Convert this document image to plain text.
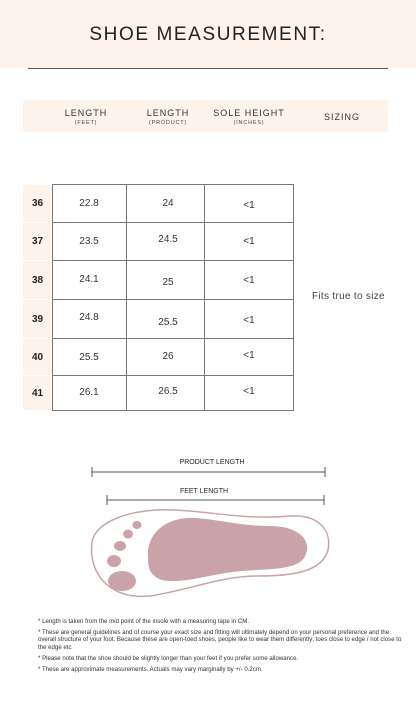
SHOE MEASUREMENT:
LENGTH
(FEET)
LENGTH
(PRODUCT)
SOLE HEIGHT
(INCHES)
SIZING
36
37
38
39
40
41
22.8
23.5
24.1
24.8
25.5
26.1
24
24.5
25
25.5
26
26.5
<1
<1
<1
<1
<1
<1
Fits true to size
PRODUCT LENGTH
FEET LENGTH

* Length is taken from the mid point of the insole with a measuring tape in CM.

* These are general guidelines and of course your exact size and fitting will ultimately depend on your personal preference and the overall structure of your foot. Because these are open-toed shoes, people like to wear them differently; toes close to edge / not close to the edge etc

* Please note that the shoe should be slightly longer than your feet if you prefer some allowance.

* These are approximate measurements. Actuals may vary marginally by +/- 0.2cm.
